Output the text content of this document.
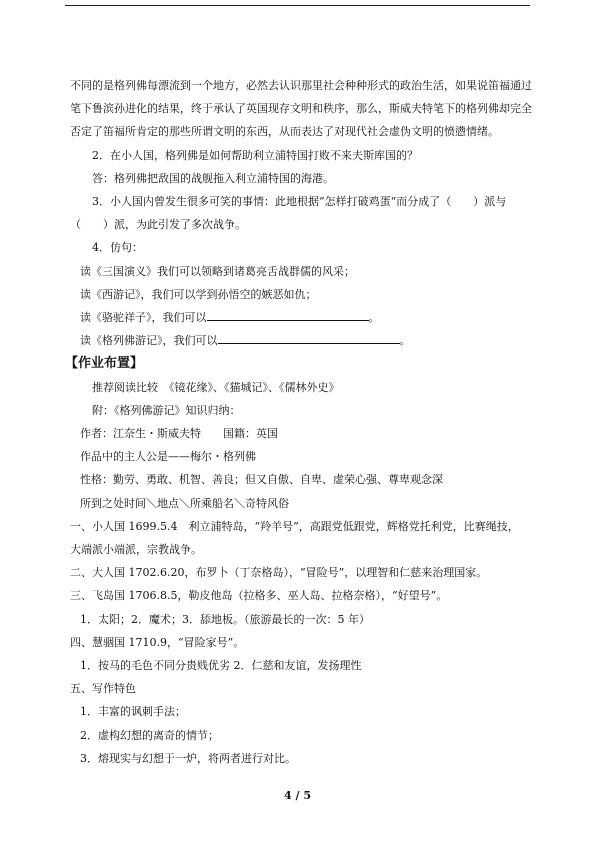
不同的是格列佛每漂流到一个地方，必然去认识那里社会种种形式的政治生活，如果说笛福通过笔下鲁滨孙进化的结果，终于承认了英国现存文明和秩序，那么，斯威夫特笔下的格列佛却完全否定了笛福所肯定的那些所谓文明的东西，从而表达了对现代社会虚伪文明的愤懑情绪。

2．在小人国，格列佛是如何帮助利立浦特国打败不来夫斯库国的？

答：格列佛把敌国的战舰拖入利立浦特国的海港。

3．小人国内曾发生很多可笑的事情：此地根据“怎样打破鸡蛋“而分成了（　　）派与

（　　）派，为此引发了多次战争。

4．仿句：

读《三国演义》我们可以领略到诸葛亮舌战群儒的风采；

读《西游记》，我们可以学到孙悟空的嫉恶如仇；

读《骆驼祥子》，我们可以	。

读《格列佛游记》，我们可以	。

【作业布置】

推荐阅读比较　《镜花缘》、《猫城记》、《儒林外史》

附：《格列佛游记》知识归纳：

作者：江奈生・斯威夫特　　国籍：英国

作品中的主人公是——梅尔・格列佛

性格：勤劳、勇敢、机智、善良；但又自傲、自卑、虚荣心强、尊卑观念深

所到之处时间＼地点＼所乘船名＼奇特风俗

一、小人国 1699.5.4　利立浦特岛，“羚羊号”，高跟党低跟党，辉格党托利党，比赛绳技，

大端派小端派，宗教战争。

二、大人国 1702.6.20，布罗卜（丁奈格岛），“冒险号”，以理智和仁慈来治理国家。

三、飞岛国 1706.8.5，勒皮他岛（拉格多、巫人岛、拉格奈格），“好望号”。

1．太阳；2．魔术；3．舔地板。（旅游最长的一次：5 年）

四、慧骃国 1710.9，“冒险家号”。

1．按马的毛色不同分贵贱优劣 2．仁慈和友谊，发扬理性

五、写作特色

1．丰富的讽刺手法；

2．虚构幻想的离奇的情节；

3．熔现实与幻想于一炉，将两者进行对比。

4 / 5
